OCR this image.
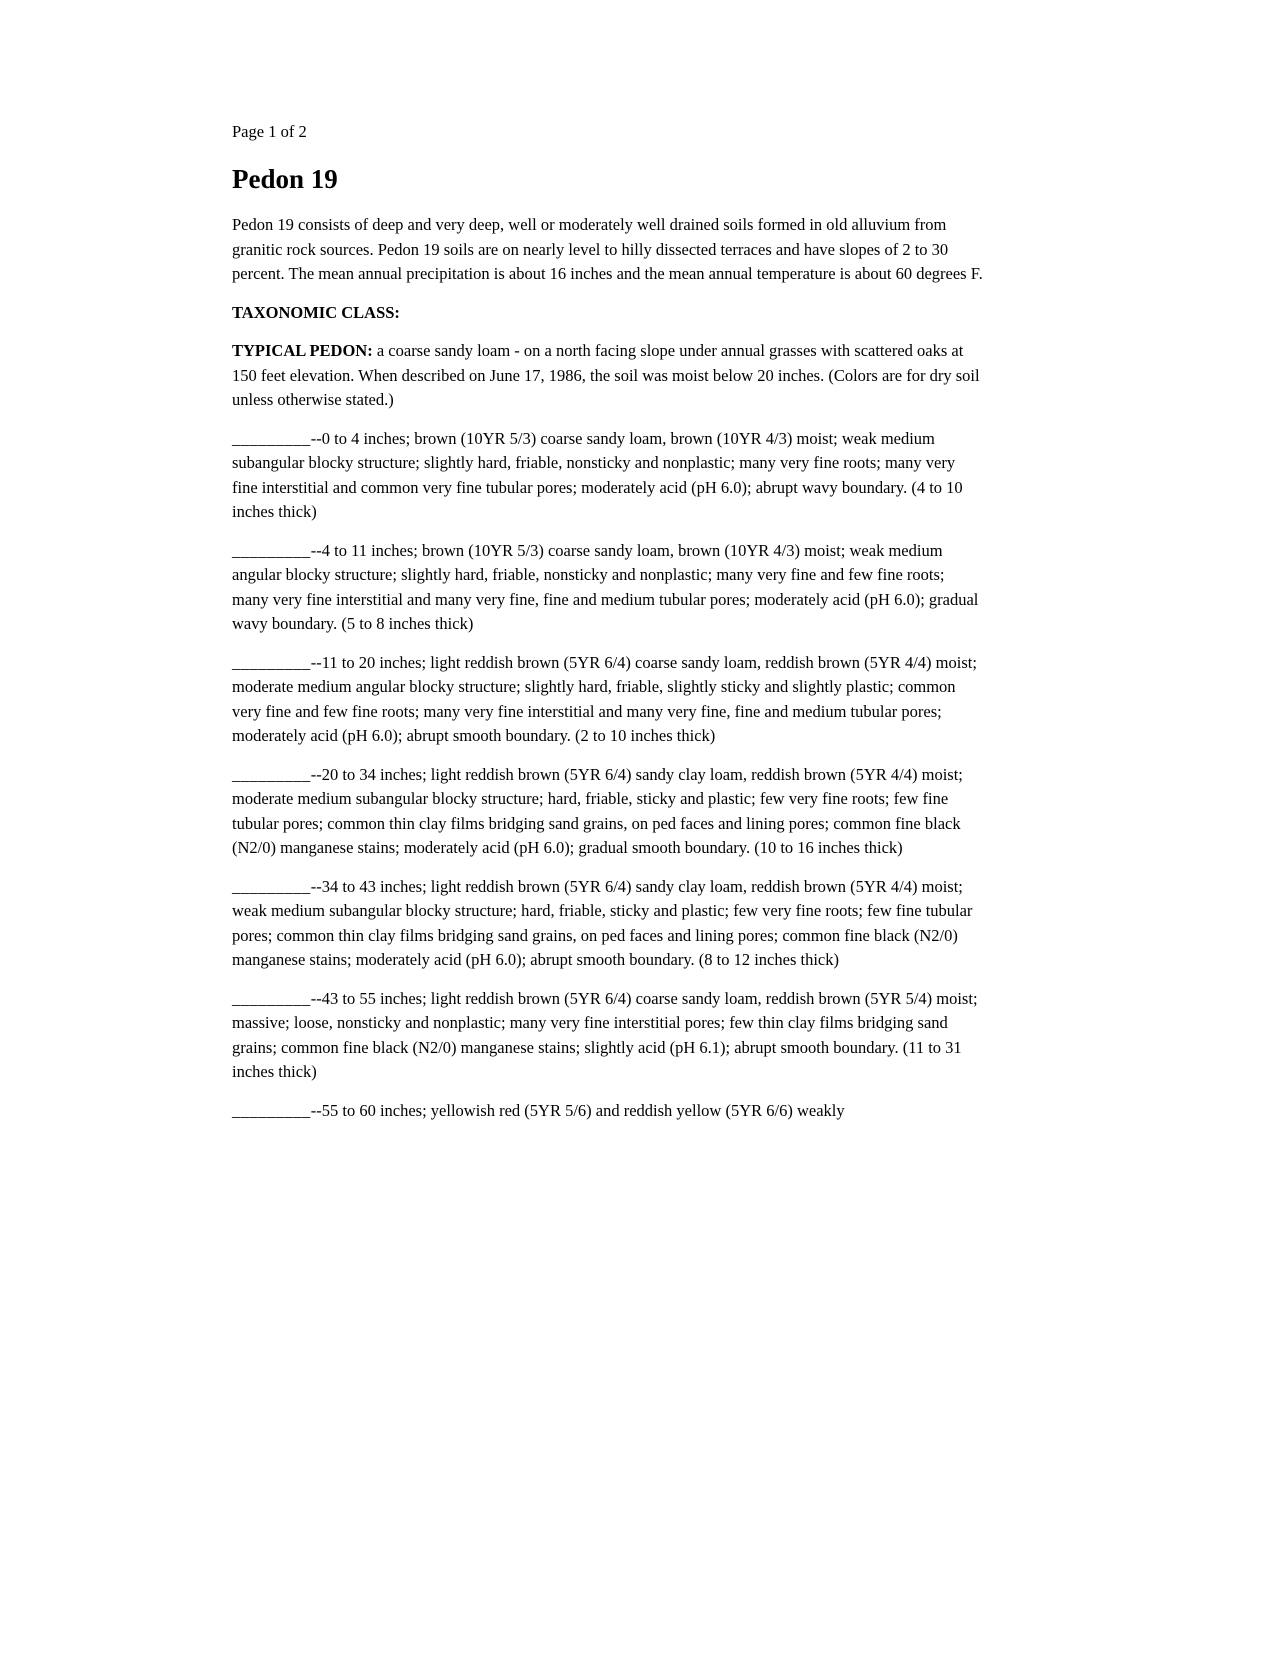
Page 1 of 2
Pedon 19

Pedon 19 consists of deep and very deep, well or moderately well drained soils formed in old alluvium from granitic rock sources. Pedon 19 soils are on nearly level to hilly dissected terraces and have slopes of 2 to 30 percent. The mean annual precipitation is about 16 inches and the mean annual temperature is about 60 degrees F.

TAXONOMIC CLASS:

TYPICAL PEDON: a coarse sandy loam - on a north facing slope under annual grasses with scattered oaks at 150 feet elevation. When described on June 17, 1986, the soil was moist below 20 inches. (Colors are for dry soil unless otherwise stated.)

_________--0 to 4 inches; brown (10YR 5/3) coarse sandy loam, brown (10YR 4/3) moist; weak medium subangular blocky structure; slightly hard, friable, nonsticky and nonplastic; many very fine roots; many very fine interstitial and common very fine tubular pores; moderately acid (pH 6.0); abrupt wavy boundary. (4 to 10 inches thick)

_________--4 to 11 inches; brown (10YR 5/3) coarse sandy loam, brown (10YR 4/3) moist; weak medium angular blocky structure; slightly hard, friable, nonsticky and nonplastic; many very fine and few fine roots; many very fine interstitial and many very fine, fine and medium tubular pores; moderately acid (pH 6.0); gradual wavy boundary. (5 to 8 inches thick)

_________--11 to 20 inches; light reddish brown (5YR 6/4) coarse sandy loam, reddish brown (5YR 4/4) moist; moderate medium angular blocky structure; slightly hard, friable, slightly sticky and slightly plastic; common very fine and few fine roots; many very fine interstitial and many very fine, fine and medium tubular pores; moderately acid (pH 6.0); abrupt smooth boundary. (2 to 10 inches thick)

_________--20 to 34 inches; light reddish brown (5YR 6/4) sandy clay loam, reddish brown (5YR 4/4) moist; moderate medium subangular blocky structure; hard, friable, sticky and plastic; few very fine roots; few fine tubular pores; common thin clay films bridging sand grains, on ped faces and lining pores; common fine black (N2/0) manganese stains; moderately acid (pH 6.0); gradual smooth boundary. (10 to 16 inches thick)

_________--34 to 43 inches; light reddish brown (5YR 6/4) sandy clay loam, reddish brown (5YR 4/4) moist; weak medium subangular blocky structure; hard, friable, sticky and plastic; few very fine roots; few fine tubular pores; common thin clay films bridging sand grains, on ped faces and lining pores; common fine black (N2/0) manganese stains; moderately acid (pH 6.0); abrupt smooth boundary. (8 to 12 inches thick)

_________--43 to 55 inches; light reddish brown (5YR 6/4) coarse sandy loam, reddish brown (5YR 5/4) moist; massive; loose, nonsticky and nonplastic; many very fine interstitial pores; few thin clay films bridging sand grains; common fine black (N2/0) manganese stains; slightly acid (pH 6.1); abrupt smooth boundary. (11 to 31 inches thick)

_________--55 to 60 inches; yellowish red (5YR 5/6) and reddish yellow (5YR 6/6) weakly
